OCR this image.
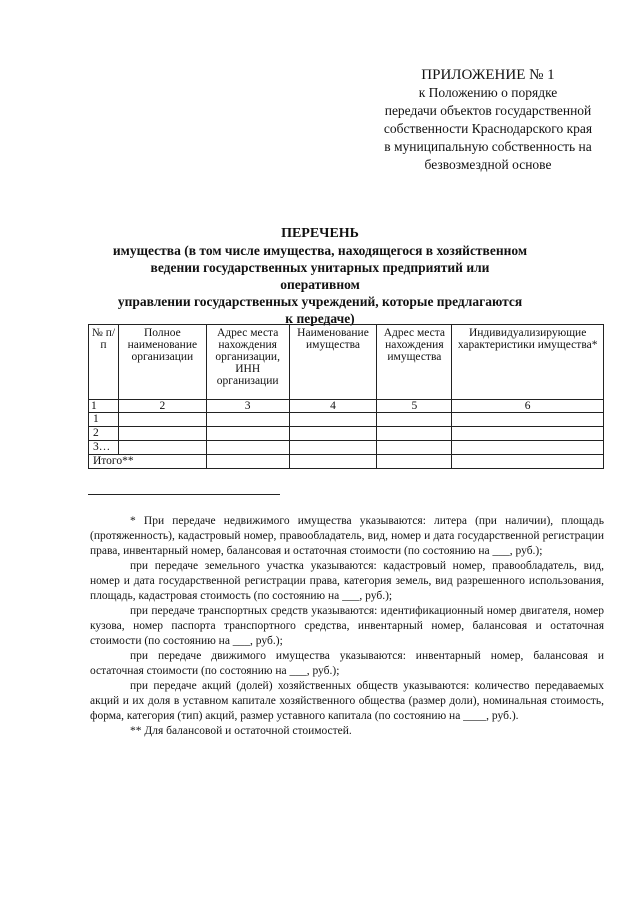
ПРИЛОЖЕНИЕ № 1
к Положению о порядке
передачи объектов государственной
собственности Краснодарского края
в муниципальную собственность на
безвозмездной основе
ПЕРЕЧЕНЬ
имущества (в том числе имущества, находящегося в хозяйственном
ведении государственных унитарных предприятий или оперативном
управлении государственных учреждений, которые предлагаются
к передаче)
№ п/п	Полное наименование организации	Адрес места нахождения организации, ИНН организации	Наименование имущества	Адрес места нахождения имущества	Индивидуализирующие характеристики имущества*
1	2	3	4	5	6
1					
2					
3…					
Итого**					

* При передаче недвижимого имущества указываются: литера (при наличии), площадь (протяженность), кадастровый номер, правообладатель, вид, номер и дата государственной регистрации права, инвентарный номер, балансовая и остаточная стоимости (по состоянию на ___, руб.);

при передаче земельного участка указываются: кадастровый номер, правообладатель, вид, номер и дата государственной регистрации права, категория земель, вид разрешенного использования, площадь, кадастровая стоимость (по состоянию на ___, руб.);

при передаче транспортных средств указываются: идентификационный номер двигателя, номер кузова, номер паспорта транспортного средства, инвентарный номер, балансовая и остаточная стоимости (по состоянию на ___, руб.);

при передаче движимого имущества указываются: инвентарный номер, балансовая и остаточная стоимости (по состоянию на ___, руб.);

при передаче акций (долей) хозяйственных обществ указываются: количество передаваемых акций и их доля в уставном капитале хозяйственного общества (размер доли), номинальная стоимость, форма, категория (тип) акций, размер уставного капитала (по состоянию на ____, руб.).

** Для балансовой и остаточной стоимостей.
